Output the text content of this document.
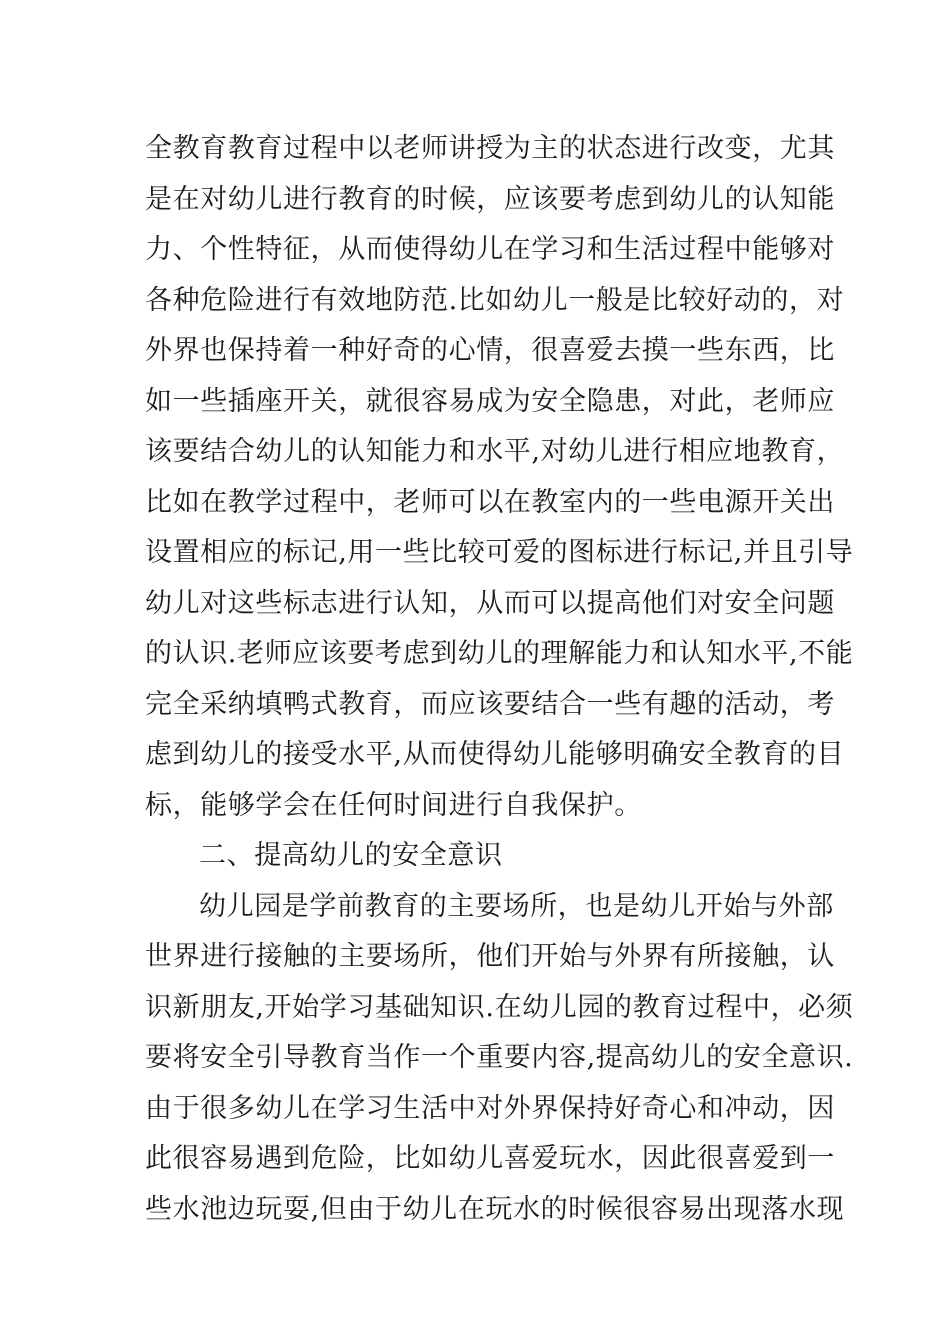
全教育教育过程中以老师讲授为主的状态进行改变，尤其
是在对幼儿进行教育的时候，应该要考虑到幼儿的认知能
力、个性特征，从而使得幼儿在学习和生活过程中能够对
各种危险进行有效地防范.比如幼儿一般是比较好动的，对
外界也保持着一种好奇的心情，很喜爱去摸一些东西，比
如一些插座开关，就很容易成为安全隐患，对此，老师应
该要结合幼儿的认知能力和水平,对幼儿进行相应地教育，
比如在教学过程中，老师可以在教室内的一些电源开关出
设置相应的标记,用一些比较可爱的图标进行标记,并且引导
幼儿对这些标志进行认知，从而可以提高他们对安全问题
的认识.老师应该要考虑到幼儿的理解能力和认知水平,不能
完全采纳填鸭式教育，而应该要结合一些有趣的活动，考
虑到幼儿的接受水平,从而使得幼儿能够明确安全教育的目
标，能够学会在任何时间进行自我保护。
二、提高幼儿的安全意识
幼儿园是学前教育的主要场所，也是幼儿开始与外部
世界进行接触的主要场所，他们开始与外界有所接触，认
识新朋友,开始学习基础知识.在幼儿园的教育过程中，必须
要将安全引导教育当作一个重要内容,提高幼儿的安全意识.
由于很多幼儿在学习生活中对外界保持好奇心和冲动，因
此很容易遇到危险，比如幼儿喜爱玩水，因此很喜爱到一
些水池边玩耍,但由于幼儿在玩水的时候很容易出现落水现
